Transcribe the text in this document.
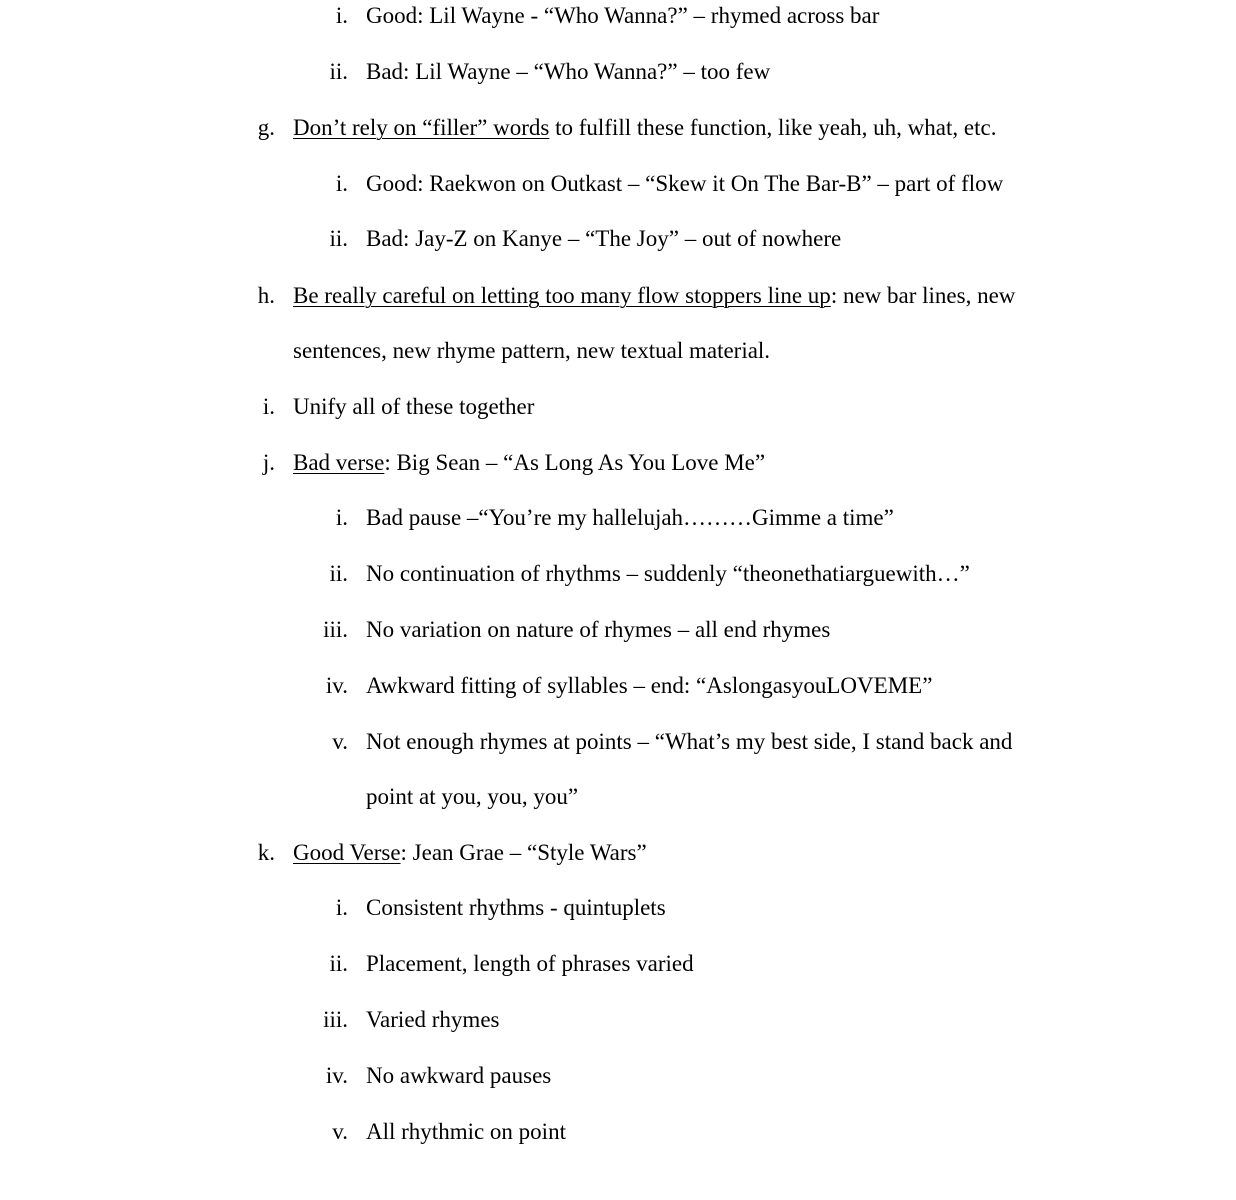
i. Good: Lil Wayne - “Who Wanna?” – rhymed across bar
ii. Bad: Lil Wayne – “Who Wanna?” – too few
g. Don’t rely on “filler” words to fulfill these function, like yeah, uh, what, etc.
i. Good: Raekwon on Outkast – “Skew it On The Bar-B” – part of flow
ii. Bad: Jay-Z on Kanye – “The Joy” – out of nowhere
h. Be really careful on letting too many flow stoppers line up: new bar lines, new
sentences, new rhyme pattern, new textual material.
i. Unify all of these together
j. Bad verse: Big Sean – “As Long As You Love Me”
i. Bad pause –“You’re my hallelujah………Gimme a time”
ii. No continuation of rhythms – suddenly “theonethatiarguewith…”
iii. No variation on nature of rhymes – all end rhymes
iv. Awkward fitting of syllables – end: “AslongasyouLOVEME”
v. Not enough rhymes at points – “What’s my best side, I stand back and
point at you, you, you”
k. Good Verse: Jean Grae – “Style Wars”
i. Consistent rhythms - quintuplets
ii. Placement, length of phrases varied
iii. Varied rhymes
iv. No awkward pauses
v. All rhythmic on point
